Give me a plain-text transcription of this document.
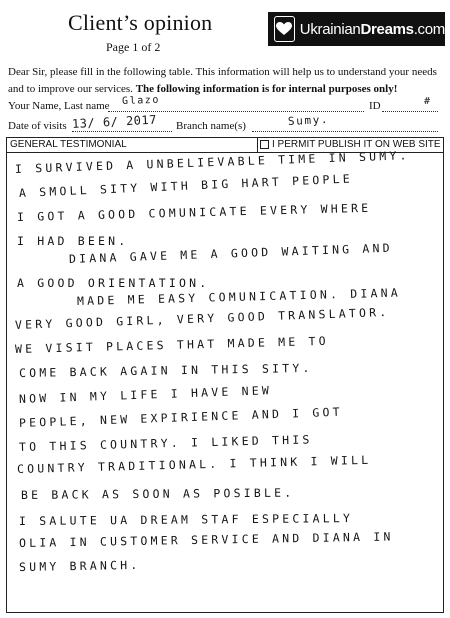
Client’s opinion
Page 1 of 2
UkrainianDreams.com
Dear Sir, please fill in the following table. This information will help us to understand your needs and to improve our services. The following information is for internal purposes only!
Your Name, Last name Glazo	ID	#
Date of visits 13/ 6/ 2017 Branch name(s)	Sumy.
GENERAL TESTIMONIAL	I PERMIT PUBLISH IT ON WEB SITE
I SURVIVED A UNBELIEVABLE TIME IN SUMY.
A SMOLL SITY WITH BIG HART PEOPLE
I GOT A GOOD COMUNICATE EVERY WHERE
I HAD BEEN.
DIANA GAVE ME A GOOD WAITING AND
A GOOD ORIENTATION.
MADE ME EASY COMUNICATION. DIANA
VERY GOOD GIRL, VERY GOOD TRANSLATOR.
WE VISIT PLACES THAT MADE ME TO
COME BACK AGAIN IN THIS SITY.
NOW IN MY LIFE I HAVE NEW
PEOPLE, NEW EXPIRIENCE AND I GOT
TO THIS COUNTRY. I LIKED THIS
COUNTRY TRADITIONAL. I THINK I WILL
BE BACK AS SOON AS POSIBLE.
I SALUTE UA DREAM STAF ESPECIALLY
OLIA IN CUSTOMER SERVICE AND DIANA IN
SUMY BRANCH.
